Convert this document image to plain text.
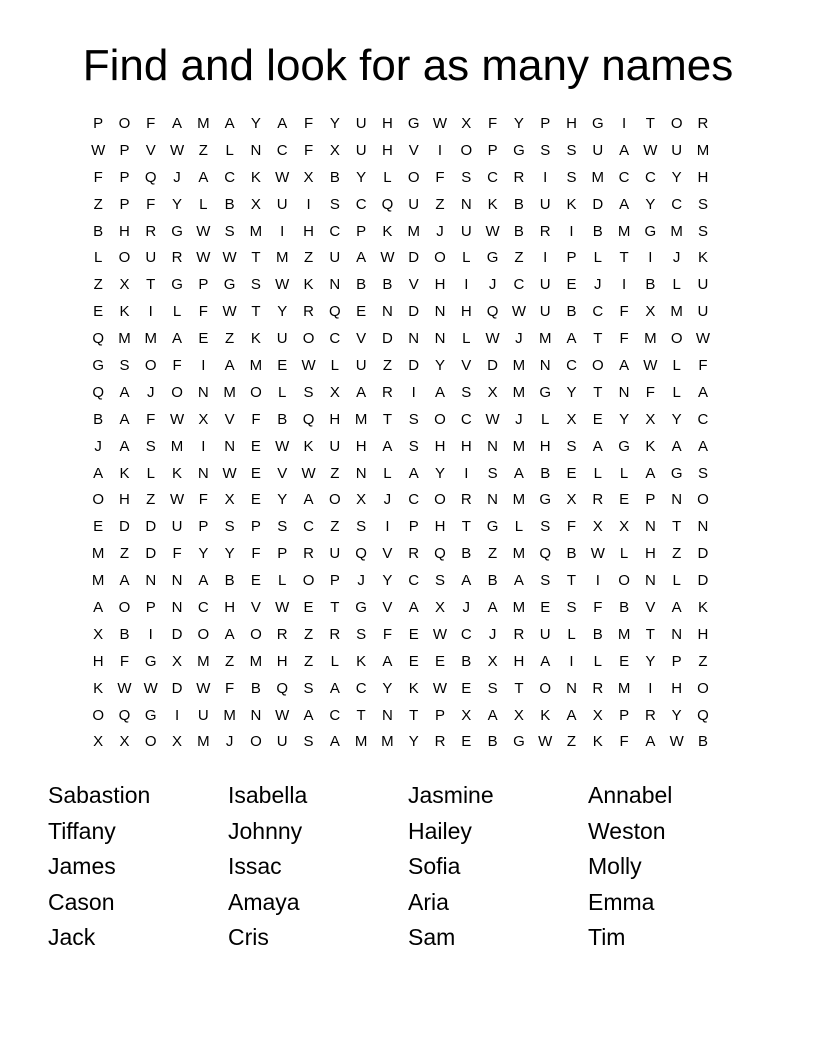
Find and look for as many names
P	O	F	A	M	A	Y	A	F	Y	U	H	G W X	F	Y	P	H	G	I	T	O	R
W P	V W Z	L	N	C	F	X	U	H	V	I	O	P	G	S	S	U	A W U M
F	P	Q	J	A	C	K W X	B	Y	L	O	F	S	C	R	I	S	M C	C	Y	H
Z	P	F	Y	L	B	X	U	I	S	C	Q	U	Z	N	K	B	U	K	D	A	Y	C	S
B	H	R	G W S	M	I	H	C	P	K	M	J	U W B	R	I	B	M G M	S
L	O	U	R W W T	M	Z	U	A W D	O	L	G	Z	I	P	L	T	I	J	K
Z	X	T	G	P	G	S W K	N	B	B	V	H	I	J	C	U	E	J	I	B	L	U
E	K	I	L	F W T	Y	R	Q	E	N	D	N	H	Q W U	B	C	F	X	M U
Q M M	A	E	Z	K	U	O	C	V	D	N	N	L	W	J	M	A	T	F	M O W
G	S	O	F	I	A	M	E W	L	U	Z	D	Y	V	D M N	C	O	A W	L	F
Q	A	J	O	N M O	L	S	X	A	R	I	A	S	X	M G	Y	T	N	F	L	A
B	A	F W X	V	F	B	Q	H M	T	S	O	C W	J	L	X	E	Y	X	Y	C
J	A	S	M	I	N	E W K	U	H	A	S	H	H	N M H	S	A	G	K	A	A
A	K	L	K	N W E	V W Z	N	L	A	Y	I	S	A	B	E	L	L	A	G	S
O	H	Z W F	X	E	Y	A	O	X	J	C	O	R	N M G	X	R	E	P	N	O
E	D	D	U	P	S	P	S	C	Z	S	I	P	H	T	G	L	S	F	X	X	N	T	N
M	Z	D	F	Y	Y	F	P	R	U	Q	V	R	Q	B	Z	M Q	B W	L	H	Z	D
M	A	N	N	A	B	E	L	O	P	J	Y	C	S	A	B	A	S	T	I	O	N	L	D
A	O	P	N	C	H	V W E	T	G	V	A	X	J	A	M	E	S	F	B	V	A	K
X	B	I	D	O	A	O	R	Z	R	S	F	E W C	J	R	U	L	B	M	T	N	H
H	F	G	X	M	Z	M H	Z	L	K	A	E	E	B	X	H	A	I	L	E	Y	P	Z
K W W D W F	B	Q	S	A	C	Y	K W E	S	T	O	N	R M	I	H	O
O Q G	I	U M N W A	C	T	N	T	P	X	A	X	K	A	X	P	R	Y	Q
X	X	O	X	M	J	O	U	S	A	M M	Y	R	E	B	G W Z	K	F	A W B
Sabastion	Isabella	Jasmine	Annabel
Tiffany	Johnny	Hailey	Weston
James	Issac	Sofia	Molly
Cason	Amaya	Aria	Emma
Jack	Cris	Sam	Tim
